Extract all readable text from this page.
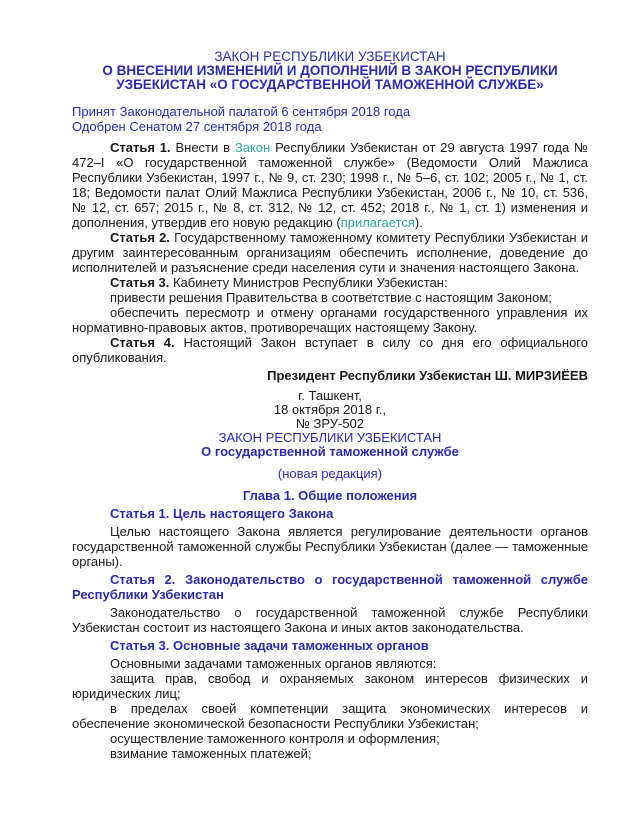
ЗАКОН РЕСПУБЛИКИ УЗБЕКИСТАН
О ВНЕСЕНИИ ИЗМЕНЕНИЙ И ДОПОЛНЕНИЙ В ЗАКОН РЕСПУБЛИКИ УЗБЕКИСТАН «О ГОСУДАРСТВЕННОЙ ТАМОЖЕННОЙ СЛУЖБЕ»
Принят Законодательной палатой 6 сентября 2018 года
Одобрен Сенатом 27 сентября 2018 года

Статья 1. Внести в Закон Республики Узбекистан от 29 августа 1997 года № 472–I «О государственной таможенной службе» (Ведомости Олий Мажлиса Республики Узбекистан, 1997 г., № 9, ст. 230; 1998 г., № 5–6, ст. 102; 2005 г., № 1, ст. 18; Ведомости палат Олий Мажлиса Республики Узбекистан, 2006 г., № 10, ст. 536, № 12, ст. 657; 2015 г., № 8, ст. 312, № 12, ст. 452; 2018 г., № 1, ст. 1) изменения и дополнения, утвердив его новую редакцию (прилагается).

Статья 2. Государственному таможенному комитету Республики Узбекистан и другим заинтересованным организациям обеспечить исполнение, доведение до исполнителей и разъяснение среди населения сути и значения настоящего Закона.

Статья 3. Кабинету Министров Республики Узбекистан:

привести решения Правительства в соответствие с настоящим Законом;

обеспечить пересмотр и отмену органами государственного управления их нормативно-правовых актов, противоречащих настоящему Закону.

Статья 4. Настоящий Закон вступает в силу со дня его официального опубликования.

Президент Республики Узбекистан Ш. МИРЗИЁЕВ
г. Ташкент,
18 октября 2018 г.,
№ ЗРУ-502
ЗАКОН РЕСПУБЛИКИ УЗБЕКИСТАН
О государственной таможенной службе
(новая редакция)
Глава 1. Общие положения
Статья 1. Цель настоящего Закона

Целью настоящего Закона является регулирование деятельности органов государственной таможенной службы Республики Узбекистан (далее — таможенные органы).

Статья 2. Законодательство о государственной таможенной службе Республики Узбекистан

Законодательство о государственной таможенной службе Республики Узбекистан состоит из настоящего Закона и иных актов законодательства.

Статья 3. Основные задачи таможенных органов

Основными задачами таможенных органов являются:

защита прав, свобод и охраняемых законом интересов физических и юридических лиц;

в пределах своей компетенции защита экономических интересов и обеспечение экономической безопасности Республики Узбекистан;

осуществление таможенного контроля и оформления;

взимание таможенных платежей;
